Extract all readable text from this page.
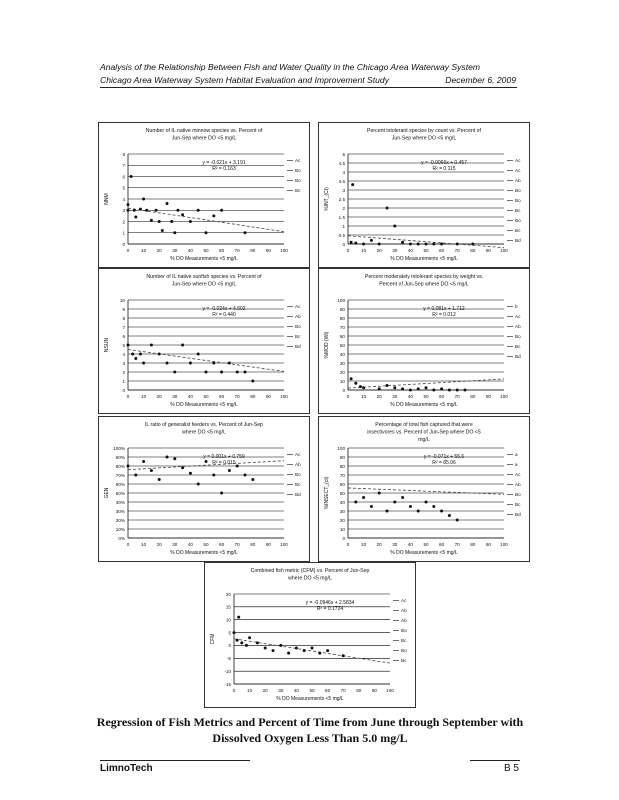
Analysis of the Relationship Between Fish and Water Quality in the Chicago Area Waterway System
Chicago Area Waterway System Habitat Evaluation and Improvement Study	December 6, 2009
Number of IL native minnow species vs. Percent of
Jun-Sep where DO <5 mg/L
0
1
2
3
4
5
6
7
8
0	10 20 30 40 50 60 70 80 90 100
% DO Measurements <5 mg/L
NNM
y = -0.021x + 3.191
R² = 0.163
Ac
Bo
Bo
Bc
Percent intolerant species by count vs. Percent of
Jun-Sep where DO <5 mg/L
0
0.5
1
1.5
2
2.5
3
3.5
4
4.5
5
0	10 20 30 40 50 60 70 80 90 100
% DO Measurements <5 mg/L
%INT_(Ct)
y = -0.0066x + 0.457
R² = 0.115
Ac
Ac
Ab
Bo
Bo
Bc
Bo
Bc
Bd
Number of IL native sunfish species vs. Percent of
Jun-Sep where DO <5 mg/L
0
1
2
3
4
5
6
7
8
9
10
0	10 20 30 40 50 60 70 80 90 100
% DO Measurements <5 mg/L
NSUN
y = -0.024x + 4.502
R² = 0.440
Ac
Ab
Bo
Bc
Bd
Percent moderately intolerant species by weight vs.
Percent of Jun-Sep where DO <5 mg/L
0
10
20
30
40
50
60
70
80
90
100
0	10 20 30 40 50 60 70 80 90 100
% DO Measurements <5 mg/L
%MOD (Wt)
y = 0.081x + 1.712
R² = 0.012
b
Ac
Ab
Bo
Bc
Bd
IL ratio of generalist feeders vs. Percent of Jun-Sep
where DO <5 mg/L
0%
10%
20%
30%
40%
50%
60%
70%
80%
90%
100%
0	10 20 30 40 50 60 70 80 90 100
% DO Measurements <5 mg/L
GEN
y = 0.001x + 0.759
R² = 0.015
Ac
Ab
Bo
Bc
Bd
Percentage of total fish captured that were
insectivores vs. Percent of Jun-Sep where DO <5
mg/L
0
10
20
30
40
50
60
70
80
90
100
0	10 20 30 40 50 60 70 80 90 100
% DO Measurements <5 mg/L
%INSECT_(ct)
y = -0.071x + 55.6
R² = 85.06
a
a
Ac
Ab
Bo
Bc
Bd
Combined fish metric (CFM) vs. Percent of Jun-Sep
where DO <5 mg/L
-15
-10
-5
0
5
10
15
20
0	10 20 30 40 50 60 70 80 90 100
% DO Measurements <5 mg/L
CFM
y = -0.0946x + 2.5834
R² = 0.1724
Ac
Ab
Ab
Bo
Bc
Bo
Bc
Regression of Fish Metrics and Percent of Time from June through September with
Dissolved Oxygen Less Than 5.0 mg/L
LimnoTech	B 5
